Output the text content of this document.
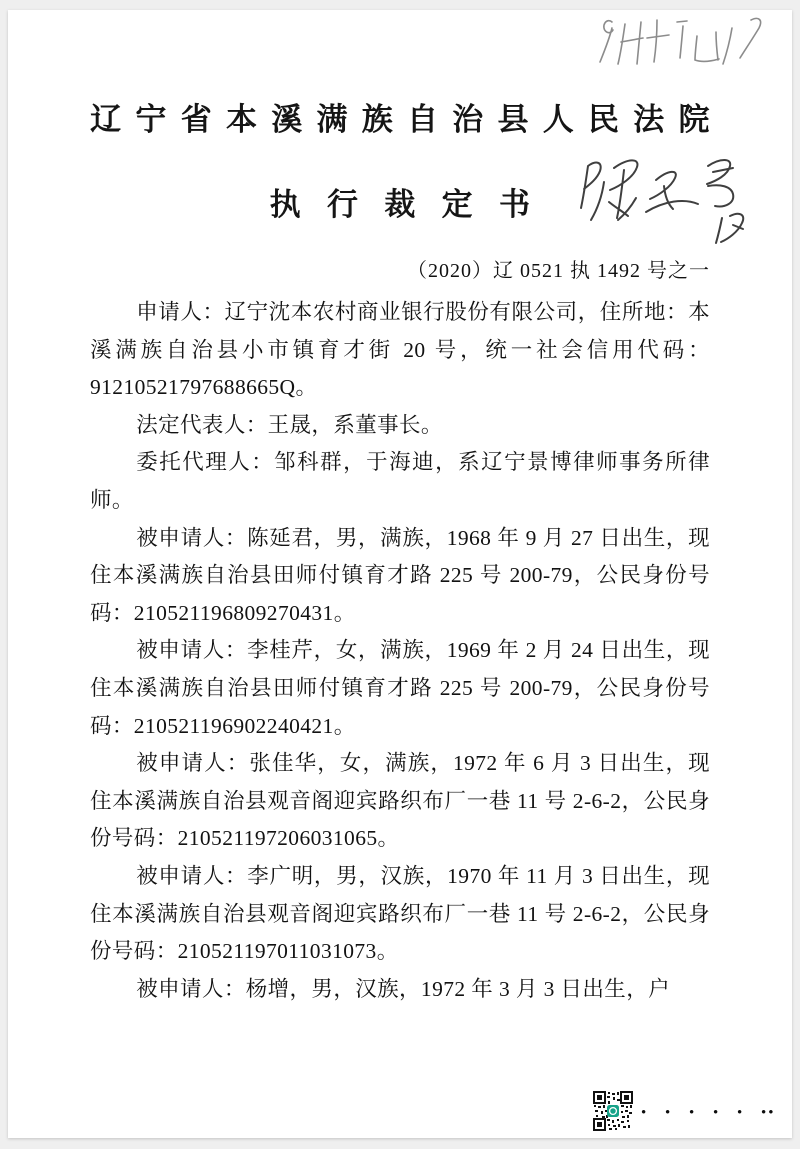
辽宁省本溪满族自治县人民法院
执行裁定书
（2020）辽 0521 执 1492 号之一

申请人：辽宁沈本农村商业银行股份有限公司，住所地：本溪满族自治县小市镇育才街 20 号，统一社会信用代码：91210521797688665Q。

法定代表人：王晟，系董事长。

委托代理人：邹科群，于海迪，系辽宁景博律师事务所律师。

被申请人：陈延君，男，满族，1968 年 9 月 27 日出生，现住本溪满族自治县田师付镇育才路 225 号 200-79，公民身份号码：210521196809270431。

被申请人：李桂芹，女，满族，1969 年 2 月 24 日出生，现住本溪满族自治县田师付镇育才路 225 号 200-79，公民身份号码：210521196902240421。

被申请人：张佳华，女，满族，1972 年 6 月 3 日出生，现住本溪满族自治县观音阁迎宾路织布厂一巷 11 号 2-6-2，公民身份号码：210521197206031065。

被申请人：李广明，男，汉族，1970 年 11 月 3 日出生，现住本溪满族自治县观音阁迎宾路织布厂一巷 11 号 2-6-2，公民身份号码：210521197011031073。

被申请人：杨增，男，汉族，1972 年 3 月 3 日出生，户

• • • • • ••
